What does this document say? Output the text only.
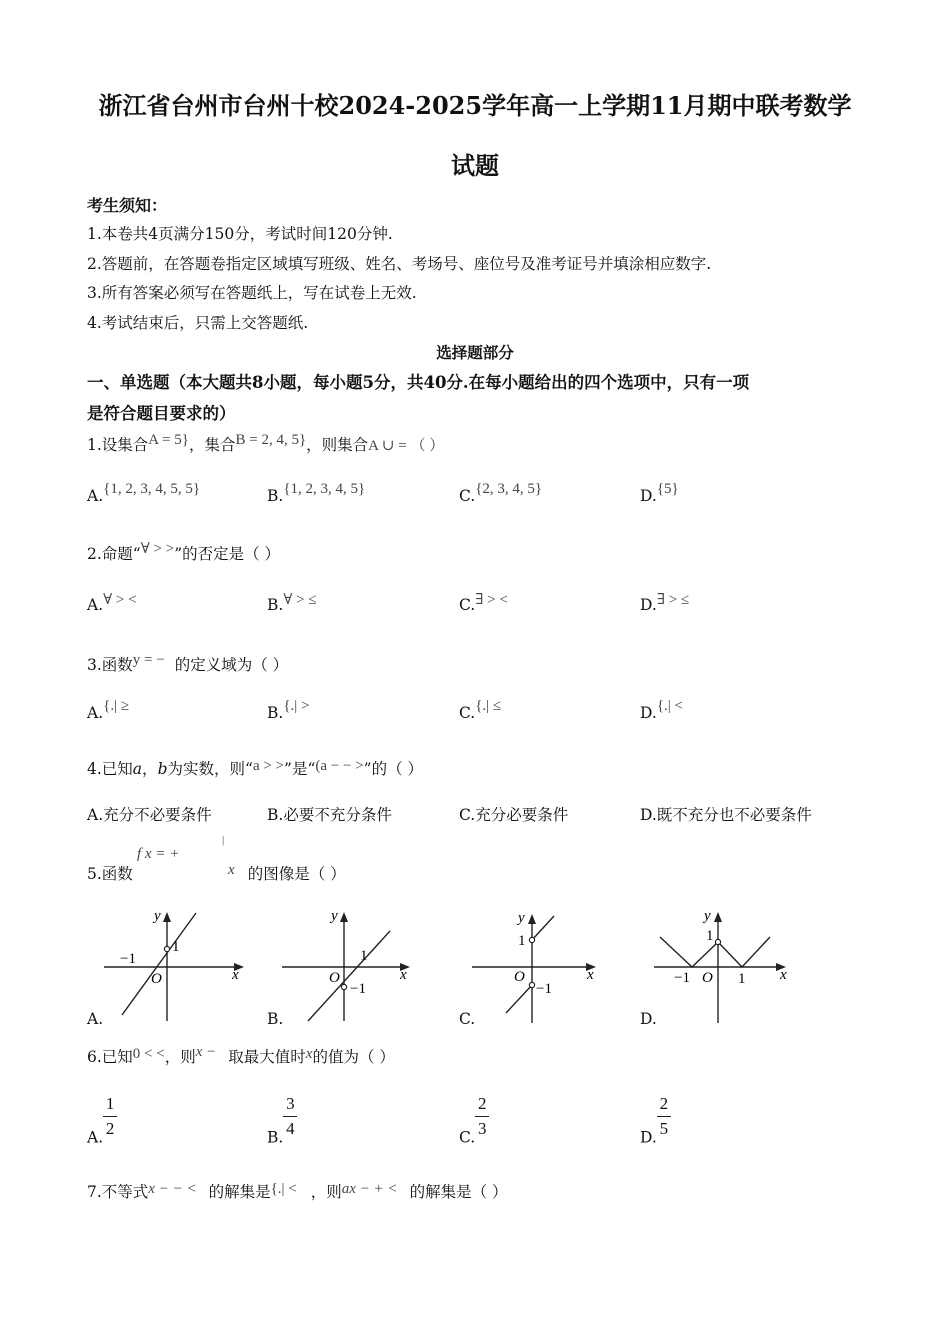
浙江省台州市台州十校2024-2025学年高一上学期11月期中联考数学
试题
考生须知：
1.本卷共4页满分150分，考试时间120分钟.
2.答题前，在答题卷指定区域填写班级、姓名、考场号、座位号及准考证号并填涂相应数字.
3.所有答案必须写在答题纸上，写在试卷上无效.
4.考试结束后，只需上交答题纸.
选择题部分
一、单选题（本大题共8小题，每小题5分，共40分.在每小题给出的四个选项中，只有一项
是符合题目要求的）
1.设集合A = 5}，集合B = 2, 4, 5}，则集合A ∪ = （ ）
A.{1, 2, 3, 4, 5, 5}	B.{1, 2, 3, 4, 5}	C.{2, 3, 4, 5}	D.{5}
2.命题“∀ > >”的否定是（ ）
A.∀ > <	B.∀ > ≤	C.∃ > <	D.∃ > ≤
3.函数y = − 的定义域为（ ）
A.{.| ≥	B.{.| >	C.{.| ≤	D.{.| <
4.已知a，b为实数，则“a > >”是“(a − − >”的（ ）
A.充分不必要条件	B.必要不充分条件	C.充分必要条件	D.既不充分也不必要条件
|
f x = +
x
5.函数	的图像是（ ）
x
y
O
−1
1
A.
x
y
O
1
−1
B.
x
y
O
1
−1
C.
x
y
O
−1
1
1
D.
6.已知0 < <，则x − 取最大值时x的值为（ ）
A. $\frac{1}{2}$	B. $\frac{3}{4}$	C. $\frac{2}{3}$	D. $\frac{2}{5}$
7.不等式x − − < 的解集是{.| < ，则ax − + < 的解集是（ ）
